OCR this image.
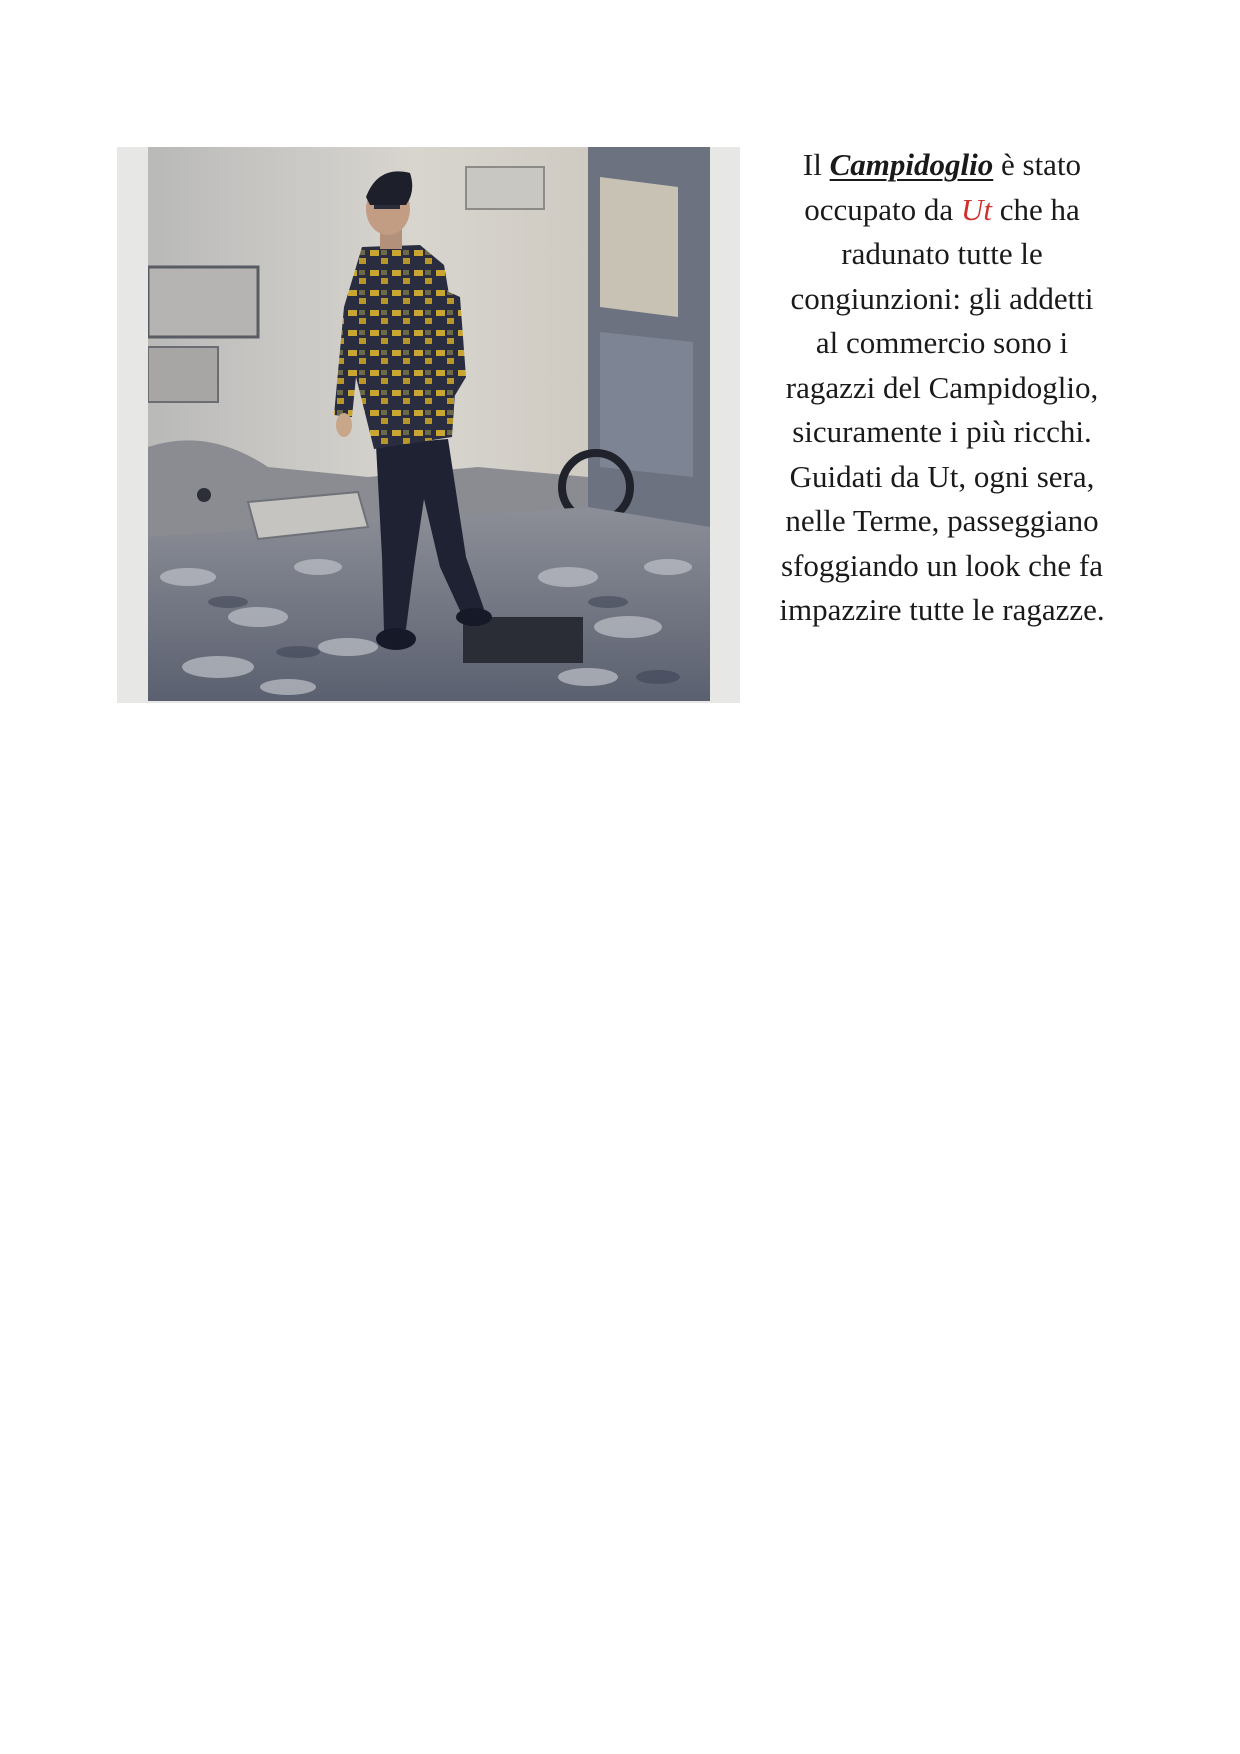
Il Campidoglio è stato
occupato da Ut che ha
radunato tutte le
congiunzioni: gli addetti
al commercio sono i
ragazzi del Campidoglio,
sicuramente i più ricchi.
Guidati da Ut, ogni sera,
nelle Terme, passeggiano
sfoggiando un look che fa
impazzire tutte le ragazze.
